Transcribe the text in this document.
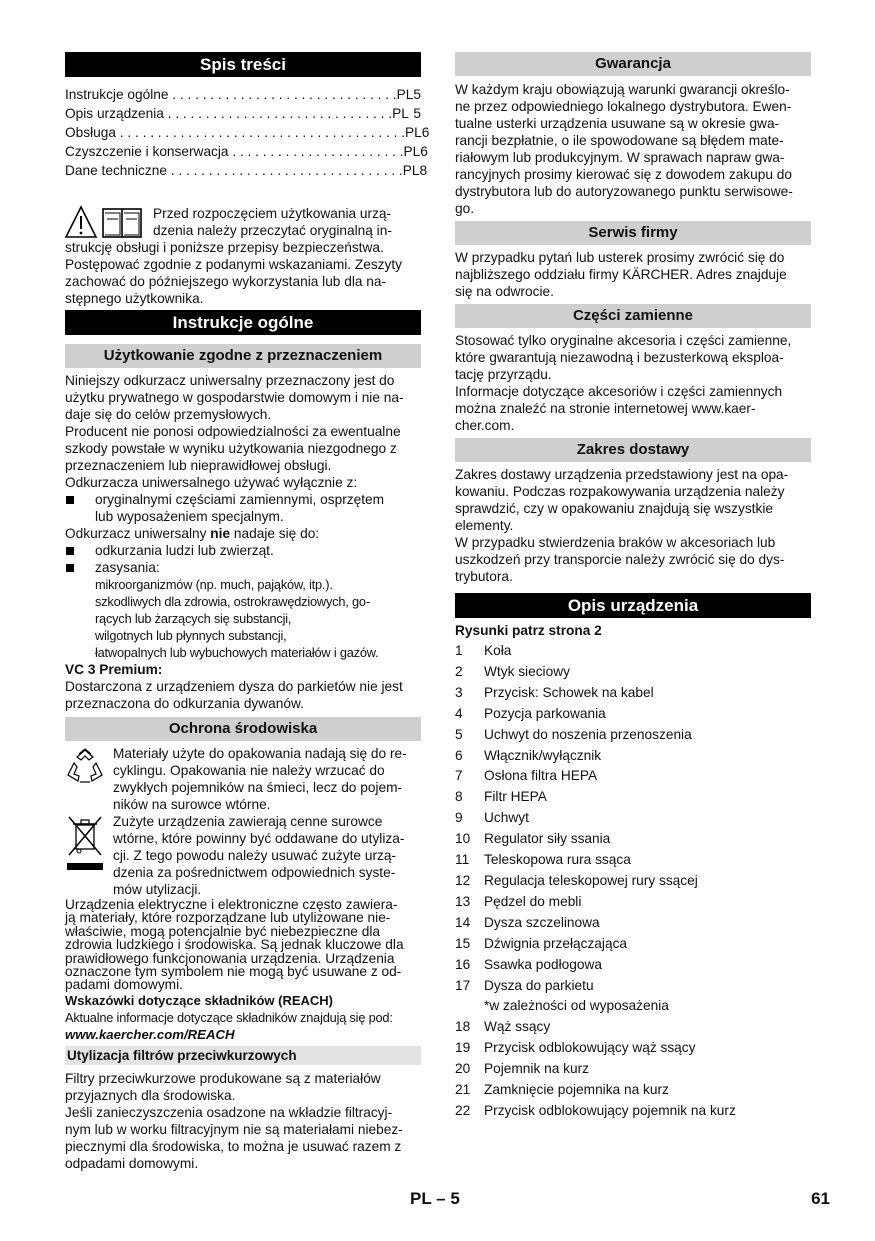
Spis treści
Instrukcje ogólne . . . . . . . . . . . . . . . . . . . . . . . . . . . . . . PL 5
Opis urządzenia . . . . . . . . . . . . . . . . . . . . . . . . . . . . . . PL 5
Obsługa . . . . . . . . . . . . . . . . . . . . . . . . . . . . . . . . . . . . . . PL 6
Czyszczenie i konserwacja . . . . . . . . . . . . . . . . . . . . . . . PL 6
Dane techniczne . . . . . . . . . . . . . . . . . . . . . . . . . . . . . . . PL 8

Przed rozpoczęciem użytkowania urzą-

dzenia należy przeczytać oryginalną in-

strukcję obsługi i poniższe przepisy bezpieczeństwa.

Postępować zgodnie z podanymi wskazaniami. Zeszyty

zachować do późniejszego wykorzystania lub dla na-

stępnego użytkownika.

Instrukcje ogólne
Użytkowanie zgodne z przeznaczeniem

Niniejszy odkurzacz uniwersalny przeznaczony jest do

użytku prywatnego w gospodarstwie domowym i nie na-

daje się do celów przemysłowych.

Producent nie ponosi odpowiedzialności za ewentualne

szkody powstałe w wyniku użytkowania niezgodnego z

przeznaczeniem lub nieprawidłowej obsługi.

Odkurzacza uniwersalnego używać wyłącznie z:

oryginalnymi częściami zamiennymi, osprzętem
lub wyposażeniem specjalnym.

Odkurzacz uniwersalny nie nadaje się do:

odkurzania ludzi lub zwierząt.
zasysania:

mikroorganizmów (np. much, pająków, itp.).

szkodliwych dla zdrowia, ostrokrawędziowych, go-

rących lub żarzących się substancji,

wilgotnych lub płynnych substancji,

łatwopalnych lub wybuchowych materiałów i gazów.

VC 3 Premium:

Dostarczona z urządzeniem dysza do parkietów nie jest

przeznaczona do odkurzania dywanów.

Ochrona środowiska

Materiały użyte do opakowania nadają się do re-

cyklingu. Opakowania nie należy wrzucać do

zwykłych pojemników na śmieci, lecz do pojem-

ników na surowce wtórne.

Zużyte urządzenia zawierają cenne surowce

wtórne, które powinny być oddawane do utyliza-

cji. Z tego powodu należy usuwać zużyte urzą-

dzenia za pośrednictwem odpowiednich syste-

mów utylizacji.

Urządzenia elektryczne i elektroniczne często zawiera-

ją materiały, które rozporządzane lub utylizowane nie-

właściwie, mogą potencjalnie być niebezpieczne dla

zdrowia ludzkiego i środowiska. Są jednak kluczowe dla

prawidłowego funkcjonowania urządzenia. Urządzenia

oznaczone tym symbolem nie mogą być usuwane z od-

padami domowymi.

Wskazówki dotyczące składników (REACH)

Aktualne informacje dotyczące składników znajdują się pod:

www.kaercher.com/REACH

Utylizacja filtrów przeciwkurzowych

Filtry przeciwkurzowe produkowane są z materiałów

przyjaznych dla środowiska.

Jeśli zanieczyszczenia osadzone na wkładzie filtracyj-

nym lub w worku filtracyjnym nie są materiałami niebez-

piecznymi dla środowiska, to można je usuwać razem z

odpadami domowymi.

Gwarancja

W każdym kraju obowiązują warunki gwarancji określo-

ne przez odpowiedniego lokalnego dystrybutora. Ewen-

tualne usterki urządzenia usuwane są w okresie gwa-

rancji bezpłatnie, o ile spowodowane są błędem mate-

riałowym lub produkcyjnym. W sprawach napraw gwa-

rancyjnych prosimy kierować się z dowodem zakupu do

dystrybutora lub do autoryzowanego punktu serwisowe-

go.

Serwis firmy

W przypadku pytań lub usterek prosimy zwrócić się do

najbliższego oddziału firmy KÄRCHER. Adres znajduje

się na odwrocie.

Części zamienne

Stosować tylko oryginalne akcesoria i części zamienne,

które gwarantują niezawodną i bezusterkową eksploa-

tację przyrządu.

Informacje dotyczące akcesoriów i części zamiennych

można znaleźć na stronie internetowej www.kaer-

cher.com.

Zakres dostawy

Zakres dostawy urządzenia przedstawiony jest na opa-

kowaniu. Podczas rozpakowywania urządzenia należy

sprawdzić, czy w opakowaniu znajdują się wszystkie

elementy.

W przypadku stwierdzenia braków w akcesoriach lub

uszkodzeń przy transporcie należy zwrócić się do dys-

trybutora.

Opis urządzenia

Rysunki patrz strona 2

1	Koła
2	Wtyk sieciowy
3	Przycisk: Schowek na kabel
4	Pozycja parkowania
5	Uchwyt do noszenia przenoszenia
6	Włącznik/wyłącznik
7	Osłona filtra HEPA
8	Filtr HEPA
9	Uchwyt
10	Regulator siły ssania
11	Teleskopowa rura ssąca
12	Regulacja teleskopowej rury ssącej
13	Pędzel do mebli
14	Dysza szczelinowa
15	Dźwignia przełączająca
16	Ssawka podłogowa
17	Dysza do parkietu
*w zależności od wyposażenia
18	Wąż ssący
19	Przycisk odblokowujący wąż ssący
20	Pojemnik na kurz
21	Zamknięcie pojemnika na kurz
22	Przycisk odblokowujący pojemnik na kurz
PL – 5	61
